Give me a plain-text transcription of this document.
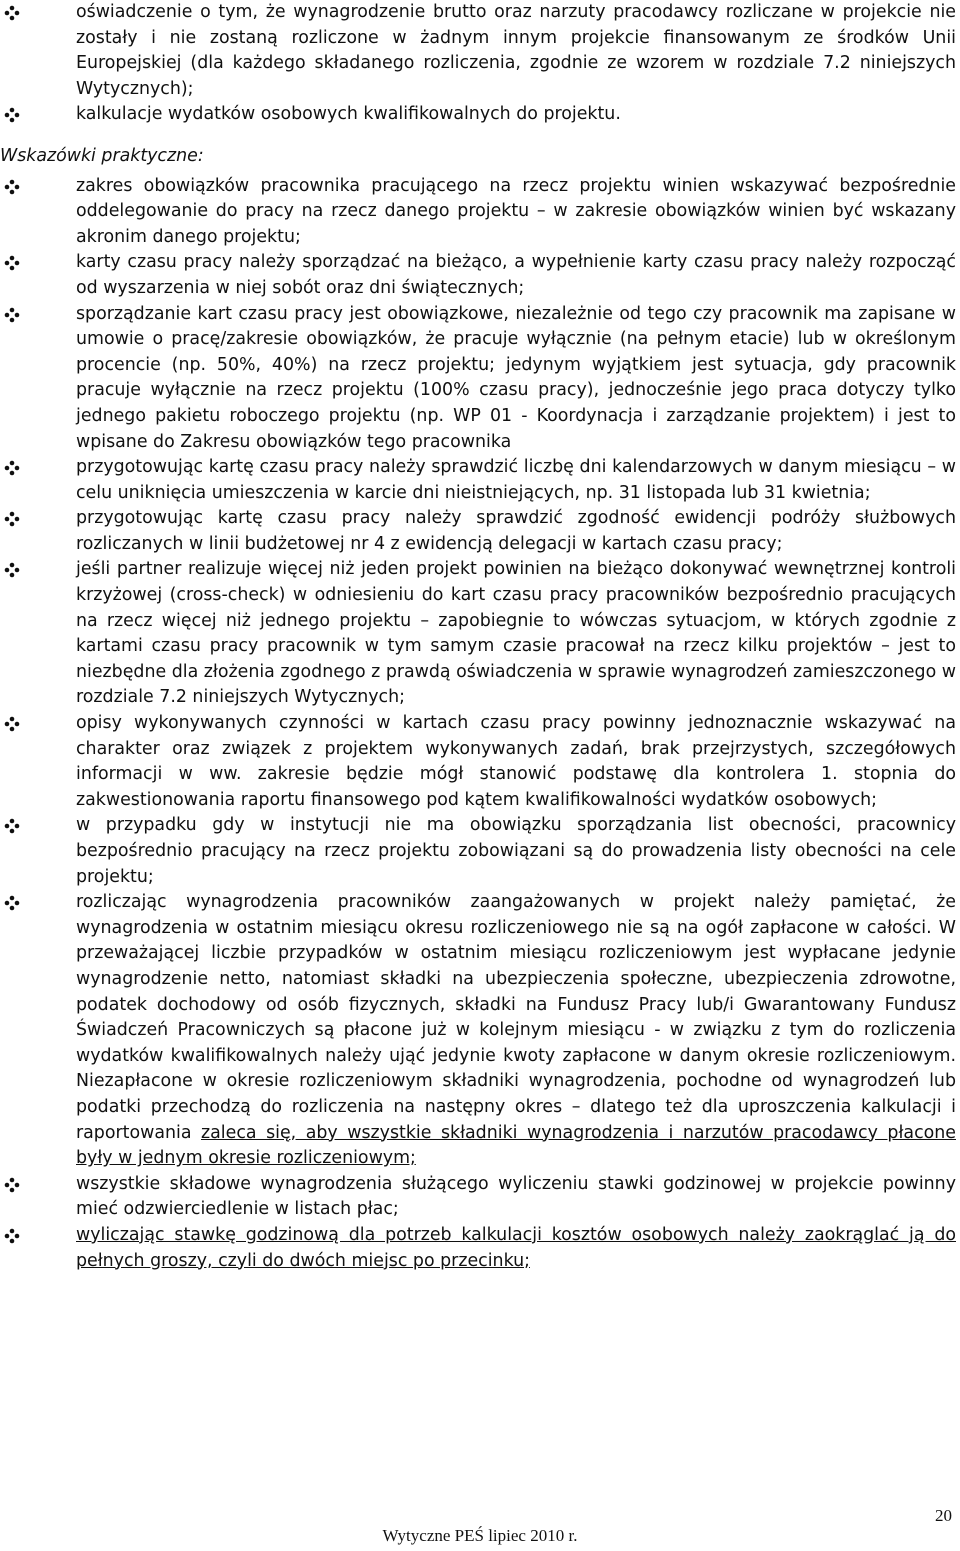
oświadczenie o tym, że wynagrodzenie brutto oraz narzuty pracodawcy rozliczane w projekcie nie zostały i nie zostaną rozliczone w żadnym innym projekcie finansowanym ze środków Unii Europejskiej (dla każdego składanego rozliczenia, zgodnie ze wzorem w rozdziale 7.2 niniejszych Wytycznych);
kalkulacje wydatków osobowych kwalifikowalnych do projektu.
Wskazówki praktyczne:
zakres obowiązków pracownika pracującego na rzecz projektu winien wskazywać bezpośrednie oddelegowanie do pracy na rzecz danego projektu – w zakresie obowiązków winien być wskazany akronim danego projektu;
karty czasu pracy należy sporządzać na bieżąco, a wypełnienie karty czasu pracy należy rozpocząć od wyszarzenia w niej sobót oraz dni świątecznych;
sporządzanie kart czasu pracy jest obowiązkowe, niezależnie od tego czy pracownik ma zapisane w umowie o pracę/zakresie obowiązków, że pracuje wyłącznie (na pełnym etacie) lub w określonym procencie (np. 50%, 40%) na rzecz projektu; jedynym wyjątkiem jest sytuacja, gdy pracownik pracuje wyłącznie na rzecz projektu (100% czasu pracy), jednocześnie jego praca dotyczy tylko jednego pakietu roboczego projektu (np. WP 01 - Koordynacja i zarządzanie projektem) i jest to wpisane do Zakresu obowiązków tego pracownika
przygotowując kartę czasu pracy należy sprawdzić liczbę dni kalendarzowych w danym miesiącu – w celu uniknięcia umieszczenia w karcie dni nieistniejących, np. 31 listopada lub 31 kwietnia;
przygotowując kartę czasu pracy należy sprawdzić zgodność ewidencji podróży służbowych rozliczanych w linii budżetowej nr 4 z ewidencją delegacji w kartach czasu pracy;
jeśli partner realizuje więcej niż jeden projekt powinien na bieżąco dokonywać wewnętrznej kontroli krzyżowej (cross-check) w odniesieniu do kart czasu pracy pracowników bezpośrednio pracujących na rzecz więcej niż jednego projektu – zapobiegnie to wówczas sytuacjom, w których zgodnie z kartami czasu pracy pracownik w tym samym czasie pracował na rzecz kilku projektów – jest to niezbędne dla złożenia zgodnego z prawdą oświadczenia w sprawie wynagrodzeń zamieszczonego w rozdziale 7.2 niniejszych Wytycznych;
opisy wykonywanych czynności w kartach czasu pracy powinny jednoznacznie wskazywać na charakter oraz związek z projektem wykonywanych zadań, brak przejrzystych, szczegółowych informacji w ww. zakresie będzie mógł stanowić podstawę dla kontrolera 1. stopnia do zakwestionowania raportu finansowego pod kątem kwalifikowalności wydatków osobowych;
w przypadku gdy w instytucji nie ma obowiązku sporządzania list obecności, pracownicy bezpośrednio pracujący na rzecz projektu zobowiązani są do prowadzenia listy obecności na cele projektu;
rozliczając wynagrodzenia pracowników zaangażowanych w projekt należy pamiętać, że wynagrodzenia w ostatnim miesiącu okresu rozliczeniowego nie są na ogół zapłacone w całości. W przeważającej liczbie przypadków w ostatnim miesiącu rozliczeniowym jest wypłacane jedynie wynagrodzenie netto, natomiast składki na ubezpieczenia społeczne, ubezpieczenia zdrowotne, podatek dochodowy od osób fizycznych, składki na Fundusz Pracy lub/i Gwarantowany Fundusz Świadczeń Pracowniczych są płacone już w kolejnym miesiącu - w związku z tym do rozliczenia wydatków kwalifikowalnych należy ująć jedynie kwoty zapłacone w danym okresie rozliczeniowym. Niezapłacone w okresie rozliczeniowym składniki wynagrodzenia, pochodne od wynagrodzeń lub podatki przechodzą do rozliczenia na następny okres – dlatego też dla uproszczenia kalkulacji i raportowania zaleca się, aby wszystkie składniki wynagrodzenia i narzutów pracodawcy płacone były w jednym okresie rozliczeniowym;
wszystkie składowe wynagrodzenia służącego wyliczeniu stawki godzinowej w projekcie powinny mieć odzwierciedlenie w listach płac;
wyliczając stawkę godzinową dla potrzeb kalkulacji kosztów osobowych należy zaokrąglać ją do pełnych groszy, czyli do dwóch miejsc po przecinku;
20
Wytyczne PEŚ lipiec 2010 r.
